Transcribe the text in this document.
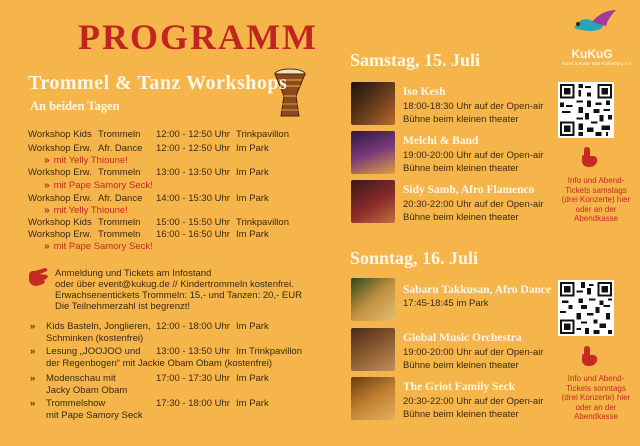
PROGRAMM
Trommel & Tanz Workshops
An beiden Tagen
Workshop Kids Trommeln 12:00 - 12:50 Uhr Trinkpavillon
Workshop Erw. Afr. Dance 12:00 - 12:50 Uhr Im Park
» mit Yelly Thioune!
Workshop Erw. Trommeln 13:00 - 13:50 Uhr Im Park
» mit Pape Samory Seck!
Workshop Erw. Afr. Dance 14:00 - 15:30 Uhr Im Park
» mit Yelly Thioune!
Workshop Kids Trommeln 15:00 - 15:50 Uhr Trinkpavillon
Workshop Erw. Trommeln 16:00 - 16:50 Uhr Im Park
» mit Pape Samory Seck!
Anmeldung und Tickets am Infostand
oder über event@kukug.de // Kindertrommeln kostenfrei.
Erwachsenentickets Trommeln: 15,- und Tanzen: 20,- EUR
Die Teilnehmerzahl ist begrenzt!
» Kids Basteln, Jonglieren,
Schminken (kostenfrei)
12:00 - 18:00 Uhr Im Park
» Lesung „JOOJOO und
der Regenbogen“ mit Jackie Obam Obam (kostenfrei)
13:00 - 13:50 Uhr Im Trinkpavillon
» Modenschau mit
Jacky Obam Obam
17:00 - 17:30 Uhr Im Park
» Trommelshow
mit Pape Samory Seck
17:30 - 18:00 Uhr Im Park
KuKuG
Kunst & Kultur Bad Sodenberg e.V.
Samstag, 15. Juli
Iso Kesh
18:00-18:30 Uhr auf der Open-air
Bühne beim kleinen theater
Melchi & Band
19:00-20:00 Uhr auf der Open-air
Bühne beim kleinen theater
Sidy Samb, Afro Flamenco
20:30-22:00 Uhr auf der Open-air
Bühne beim kleinen theater
Sonntag, 16. Juli
Sabaru Takkusan, Afro Dance
17:45-18:45 im Park
Global Music Orchestra
19:00-20:00 Uhr auf der Open-air
Bühne beim kleinen theater
The Griot Family Seck
20:30-22:00 Uhr auf der Open-air
Bühne beim kleinen theater
Info und Abend-Tickets samstags (drei Konzerte) hier oder an der Abendkasse
Info und Abend-Tickets sonntags (drei Konzerte) hier oder an der Abendkasse
